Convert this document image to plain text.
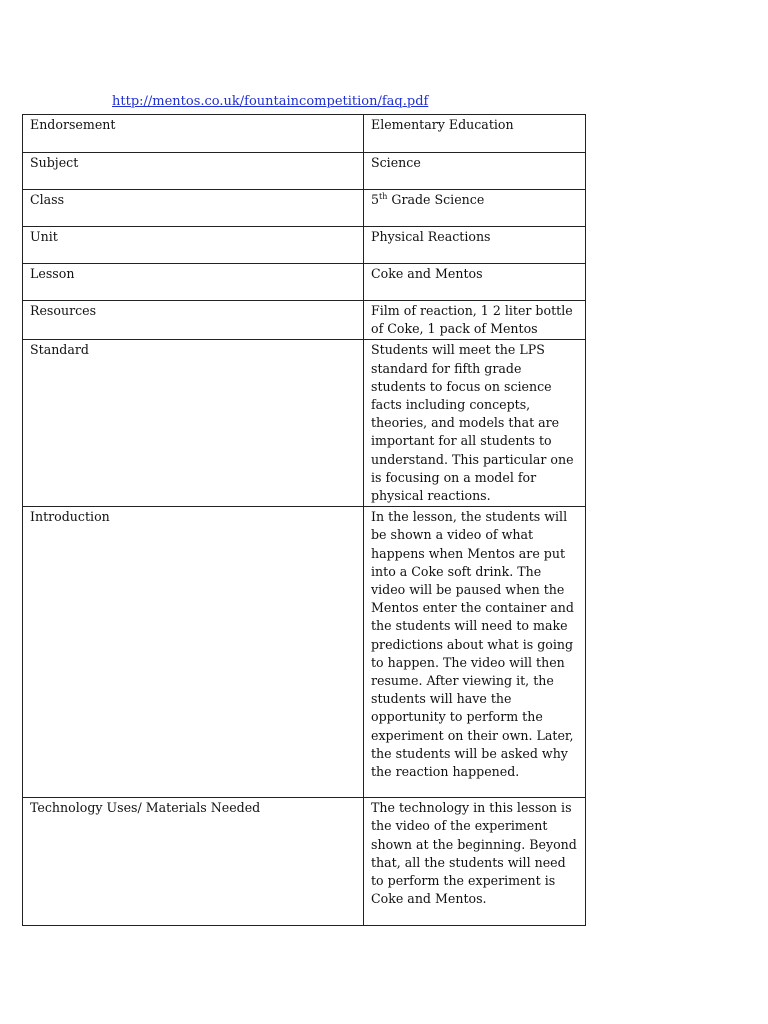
http://mentos.co.uk/fountaincompetition/faq.pdf
Endorsement	Elementary Education
Subject	Science
Class	5th Grade Science
Unit	Physical Reactions
Lesson	Coke and Mentos
Resources	Film of reaction, 1 2 liter bottle of Coke, 1 pack of Mentos
Standard	Students will meet the LPS standard for fifth grade students to focus on science facts including concepts, theories, and models that are important for all students to understand. This particular one is focusing on a model for physical reactions.
Introduction	In the lesson, the students will be shown a video of what happens when Mentos are put into a Coke soft drink. The video will be paused when the Mentos enter the container and the students will need to make predictions about what is going to happen. The video will then resume. After viewing it, the students will have the opportunity to perform the experiment on their own. Later, the students will be asked why the reaction happened.
Technology Uses/ Materials Needed	The technology in this lesson is the video of the experiment shown at the beginning. Beyond that, all the students will need to perform the experiment is Coke and Mentos.
